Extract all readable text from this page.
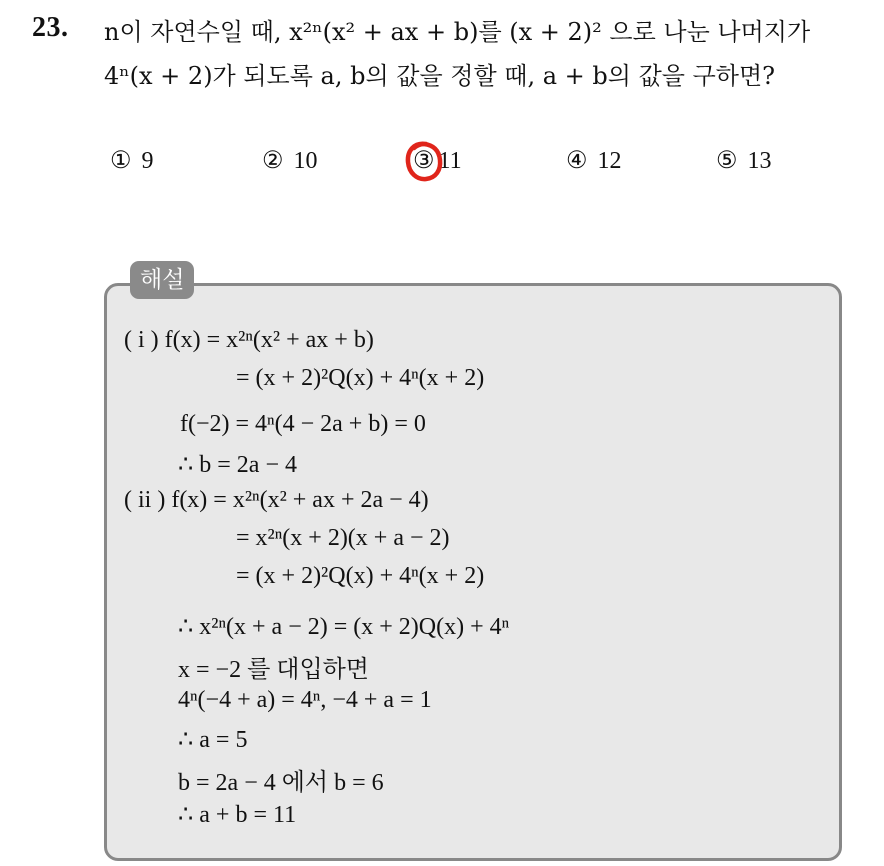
23. n이 자연수일 때, x²ⁿ(x² + ax + b)를 (x + 2)² 으로 나눈 나머지가
4ⁿ(x + 2)가 되도록 a, b의 값을 정할 때, a + b의 값을 구하면?
① 9	② 10	③ 11	④ 12	⑤ 13
해설
( i ) f(x) = x²ⁿ(x² + ax + b)
= (x + 2)²Q(x) + 4ⁿ(x + 2)
f(−2) = 4ⁿ(4 − 2a + b) = 0
∴ b = 2a − 4
( ii ) f(x) = x²ⁿ(x² + ax + 2a − 4)
= x²ⁿ(x + 2)(x + a − 2)
= (x + 2)²Q(x) + 4ⁿ(x + 2)
∴ x²ⁿ(x + a − 2) = (x + 2)Q(x) + 4ⁿ
x = −2 를 대입하면
4ⁿ(−4 + a) = 4ⁿ, −4 + a = 1
∴ a = 5
b = 2a − 4 에서 b = 6
∴ a + b = 11
